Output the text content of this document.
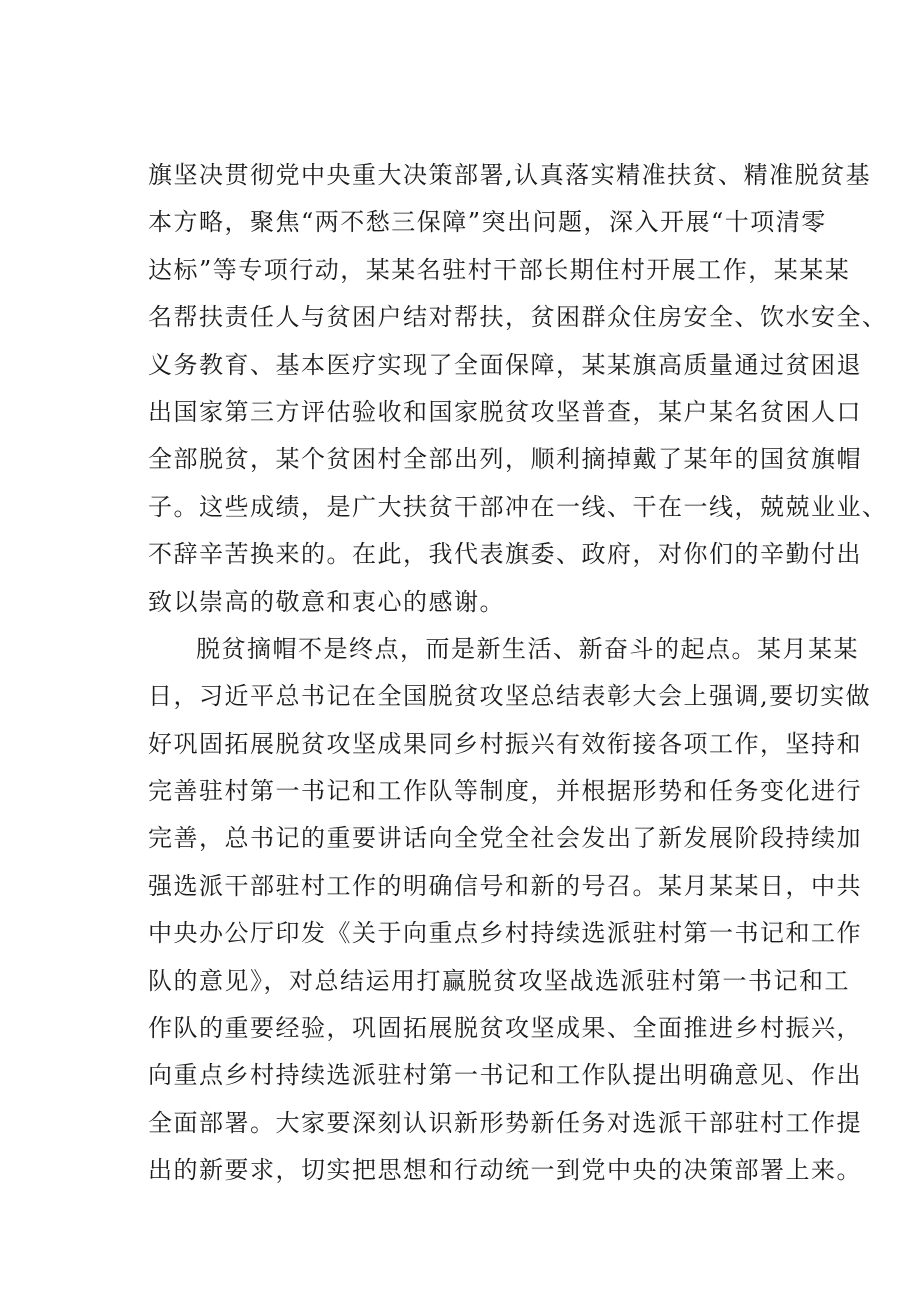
旗坚决贯彻党中央重大决策部署,认真落实精准扶贫、精准脱贫基
本方略，聚焦“两不愁三保障”突出问题，深入开展“十项清零
达标”等专项行动，某某名驻村干部长期住村开展工作，某某某
名帮扶责任人与贫困户结对帮扶，贫困群众住房安全、饮水安全、
义务教育、基本医疗实现了全面保障，某某旗高质量通过贫困退
出国家第三方评估验收和国家脱贫攻坚普查，某户某名贫困人口
全部脱贫，某个贫困村全部出列，顺利摘掉戴了某年的国贫旗帽
子。这些成绩，是广大扶贫干部冲在一线、干在一线，兢兢业业、
不辞辛苦换来的。在此，我代表旗委、政府，对你们的辛勤付出
致以崇高的敬意和衷心的感谢。
脱贫摘帽不是终点，而是新生活、新奋斗的起点。某月某某
日，习近平总书记在全国脱贫攻坚总结表彰大会上强调,要切实做
好巩固拓展脱贫攻坚成果同乡村振兴有效衔接各项工作，坚持和
完善驻村第一书记和工作队等制度，并根据形势和任务变化进行
完善，总书记的重要讲话向全党全社会发出了新发展阶段持续加
强选派干部驻村工作的明确信号和新的号召。某月某某日，中共
中央办公厅印发《关于向重点乡村持续选派驻村第一书记和工作
队的意见》，对总结运用打赢脱贫攻坚战选派驻村第一书记和工
作队的重要经验，巩固拓展脱贫攻坚成果、全面推进乡村振兴，
向重点乡村持续选派驻村第一书记和工作队提出明确意见、作出
全面部署。大家要深刻认识新形势新任务对选派干部驻村工作提
出的新要求，切实把思想和行动统一到党中央的决策部署上来。
